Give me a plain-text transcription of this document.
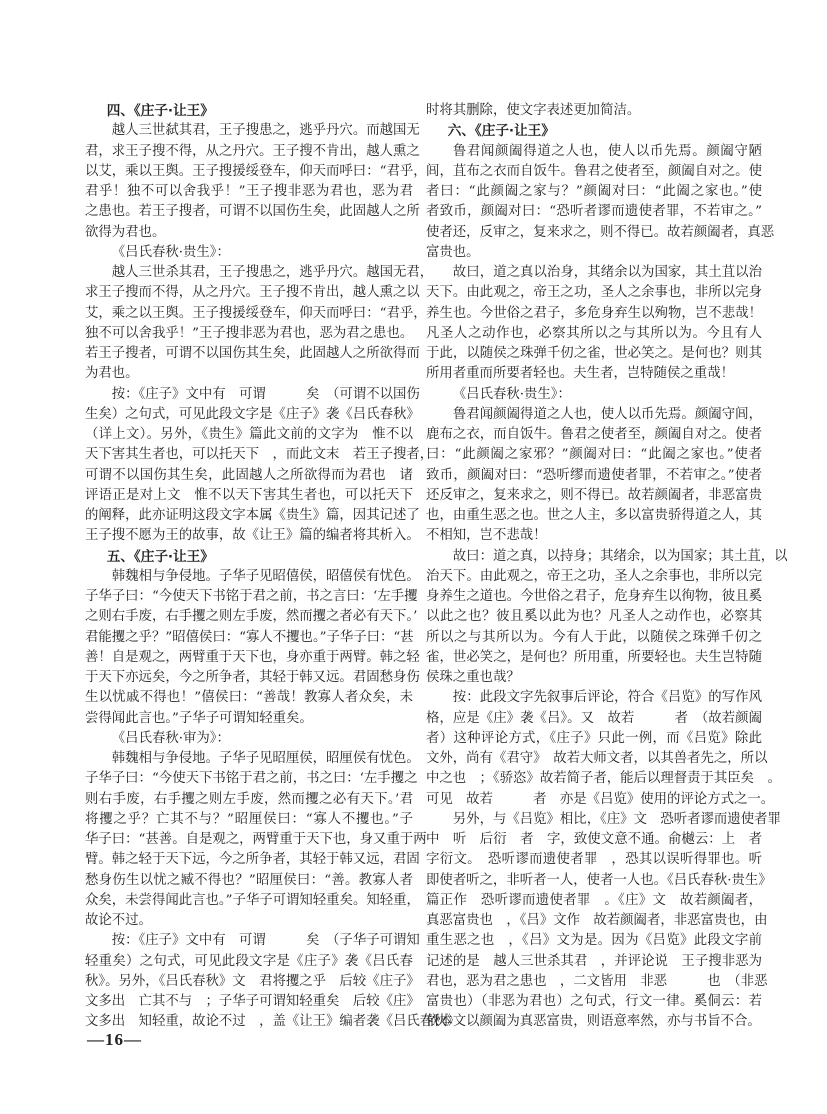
四、《庄子·让王》
越人三世弑其君，王子搜患之，逃乎丹穴。而越国无
君，求王子搜不得，从之丹穴。王子搜不肯出，越人熏之
以艾，乘以王舆。王子搜援绥登车，仰天而呼曰：“君乎，
君乎！独不可以舍我乎！”王子搜非恶为君也，恶为君
之患也。若王子搜者，可谓不以国伤生矣，此固越人之所
欲得为君也。
《吕氏春秋·贵生》：
越人三世杀其君，王子搜患之，逃乎丹穴。越国无君，
求王子搜而不得，从之丹穴。王子搜不肯出，越人熏之以
艾，乘之以王舆。王子搜援绥登车，仰天而呼曰：“君乎，
独不可以舍我乎！”王子搜非恶为君也，恶为君之患也。
若王子搜者，可谓不以国伤其生矣，此固越人之所欲得而
为君也。
按：《庄子》文中有　可谓　　　矣　（可谓不以国伤
生矣）之句式，可见此段文字是《庄子》袭《吕氏春秋》
（详上文）。另外，《贵生》篇此文前的文字为　惟不以
天下害其生者也，可以托天下　，而此文末　若王子搜者，
可谓不以国伤其生矣，此固越人之所欲得而为君也　诸
评语正是对上文　惟不以天下害其生者也，可以托天下
的阐释，此亦证明这段文字本属《贵生》篇，因其记述了
王子搜不愿为王的故事，故《让王》篇的编者将其析入。
五、《庄子·让王》
韩魏相与争侵地。子华子见昭僖侯，昭僖侯有忧色。
子华子曰：“今使天下书铭于君之前，书之言曰：‘左手攫
之则右手废，右手攫之则左手废，然而攫之者必有天下。’
君能攫之乎？”昭僖侯曰：“寡人不攫也。”子华子曰：“甚
善！自是观之，两臂重于天下也，身亦重于两臂。韩之轻
于天下亦远矣，今之所争者，其轻于韩又远。君固愁身伤
生以忧戚不得也！”僖侯曰：“善哉！教寡人者众矣，未
尝得闻此言也。”子华子可谓知轻重矣。
《吕氏春秋·审为》：
韩魏相与争侵地。子华子见昭厘侯，昭厘侯有忧色。
子华子曰：“今使天下书铭于君之前，书之曰：‘左手攫之
则右手废，右手攫之则左手废，然而攫之必有天下。’君
将攫之乎？亡其不与？”昭厘侯曰：“寡人不攫也。”子
华子曰：“甚善。自是观之，两臂重于天下也，身又重于两
臂。韩之轻于天下远，今之所争者，其轻于韩又远，君固
愁身伤生以忧之臧不得也？”昭厘侯曰：“善。教寡人者
众矣，未尝得闻此言也。”子华子可谓知轻重矣。知轻重，
故论不过。
按：《庄子》文中有　可谓　　　矣　（子华子可谓知
轻重矣）之句式，可见此段文字是《庄子》袭《吕氏春
秋》。另外，《吕氏春秋》文　君将攫之乎　后较《庄子》
文多出　亡其不与　；子华子可谓知轻重矣　后较《庄》
文多出　知轻重，故论不过　，盖《让王》编者袭《吕氏春秋》
时将其删除，使文字表述更加简洁。
六、《庄子·让王》
鲁君闻颜阖得道之人也，使人以币先焉。颜阖守陋
闾，苴布之衣而自饭牛。鲁君之使者至，颜阖自对之。使
者曰：“此颜阖之家与？”颜阖对曰：“此阖之家也。”使
者致币，颜阖对曰：“恐听者谬而遗使者罪，不若审之。”
使者还，反审之，复来求之，则不得已。故若颜阖者，真恶
富贵也。
故曰，道之真以治身，其绪余以为国家，其土苴以治
天下。由此观之，帝王之功，圣人之余事也，非所以完身
养生也。今世俗之君子，多危身弃生以殉物，岂不悲哉！
凡圣人之动作也，必察其所以之与其所以为。今且有人
于此，以随侯之珠弹千仞之雀，世必笑之。是何也？则其
所用者重而所要者轻也。夫生者，岂特随侯之重哉！
《吕氏春秋·贵生》：
鲁君闻颜阖得道之人也，使人以币先焉。颜阖守闾，
鹿布之衣，而自饭牛。鲁君之使者至，颜阖自对之。使者
曰：“此颜阖之家邪？”颜阖对曰：“此阖之家也。”使者
致币，颜阖对曰：“恐听缪而遗使者罪，不若审之。”使者
还反审之，复来求之，则不得已。故若颜阖者，非恶富贵
也，由重生恶之也。世之人主，多以富贵骄得道之人，其
不相知，岂不悲哉！
故曰：道之真，以持身；其绪余，以为国家；其土苴，以
治天下。由此观之，帝王之功，圣人之余事也，非所以完
身养生之道也。今世俗之君子，危身弃生以徇物，彼且奚
以此之也？彼且奚以此为也？凡圣人之动作也，必察其
所以之与其所以为。今有人于此，以随侯之珠弹千仞之
雀，世必笑之，是何也？所用重，所要轻也。夫生岂特随
侯珠之重也哉？
按：此段文字先叙事后评论，符合《吕览》的写作风
格，应是《庄》袭《吕》。又　故若　　　者　（故若颜阖
者）这种评论方式，《庄子》只此一例，而《吕览》除此
文外，尚有《君守》　故若大师文者，以其兽者先之，所以
中之也　；《骄恣》故若简子者，能后以理督责于其臣矣　。
可见　故若　　　者　亦是《吕览》使用的评论方式之一。
另外，与《吕览》相比，《庄》文　恐听者谬而遗使者罪
中　听　后衍　者　字，致使文意不通。俞樾云：上　者
字衍文。　恐听谬而遗使者罪　，恐其以误听得罪也。听
即使者听之，非听者一人，使者一人也。《吕氏春秋·贵生》
篇正作　恐听谬而遗使者罪　。《庄》文　故若颜阖者，
真恶富贵也　，《吕》文作　故若颜阖者，非恶富贵也，由
重生恶之也　，《吕》文为是。因为《吕览》此段文字前
记述的是　越人三世杀其君　，并评论说　王子搜非恶为
君也，恶为君之患也　，二文皆用　非恶　　　也　（非恶
富贵也）（非恶为君也）之句式，行文一律。奚侗云：若
依本文以颜阖为真恶富贵，则语意率然，亦与书旨不合。
—16—
